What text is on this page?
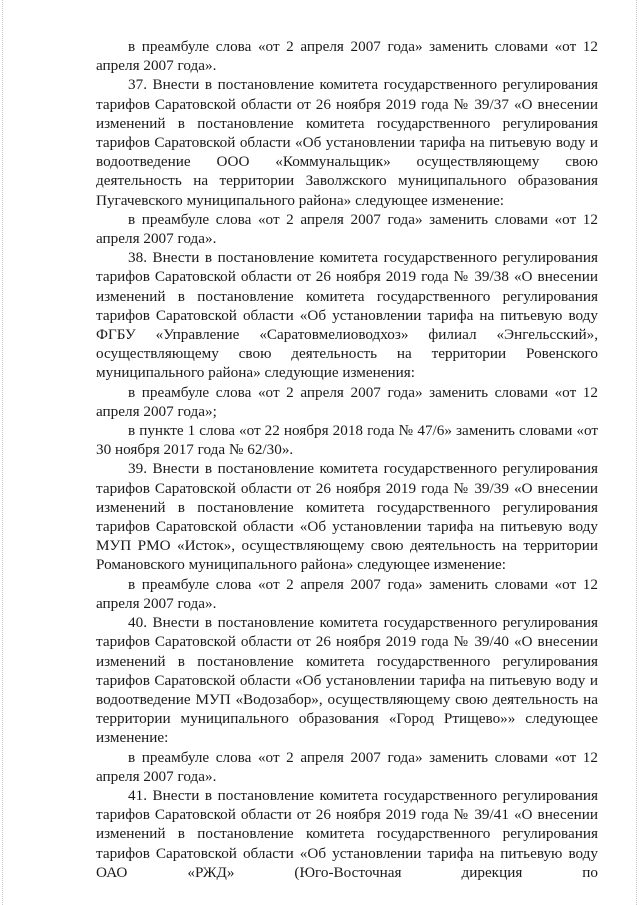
в преамбуле слова «от 2 апреля 2007 года» заменить словами «от 12 апреля 2007 года».

37. Внести в постановление комитета государственного регулирования тарифов Саратовской области от 26 ноября 2019 года № 39/37 «О внесении изменений в постановление комитета государственного регулирования тарифов Саратовской области «Об установлении тарифа на питьевую воду и водоотведение ООО «Коммунальщик» осуществляющему свою деятельность на территории Заволжского муниципального образования Пугачевского муниципального района» следующее изменение:

в преамбуле слова «от 2 апреля 2007 года» заменить словами «от 12 апреля 2007 года».

38. Внести в постановление комитета государственного регулирования тарифов Саратовской области от 26 ноября 2019 года № 39/38 «О внесении изменений в постановление комитета государственного регулирования тарифов Саратовской области «Об установлении тарифа на питьевую воду ФГБУ «Управление «Саратовмелиоводхоз» филиал «Энгельсский», осуществляющему свою деятельность на территории Ровенского муниципального района» следующие изменения:

в преамбуле слова «от 2 апреля 2007 года» заменить словами «от 12 апреля 2007 года»;

в пункте 1 слова «от 22 ноября 2018 года № 47/6» заменить словами «от 30 ноября 2017 года № 62/30».

39. Внести в постановление комитета государственного регулирования тарифов Саратовской области от 26 ноября 2019 года № 39/39 «О внесении изменений в постановление комитета государственного регулирования тарифов Саратовской области «Об установлении тарифа на питьевую воду МУП РМО «Исток», осуществляющему свою деятельность на территории Романовского муниципального района» следующее изменение:

в преамбуле слова «от 2 апреля 2007 года» заменить словами «от 12 апреля 2007 года».

40. Внести в постановление комитета государственного регулирования тарифов Саратовской области от 26 ноября 2019 года № 39/40 «О внесении изменений в постановление комитета государственного регулирования тарифов Саратовской области «Об установлении тарифа на питьевую воду и водоотведение МУП «Водозабор», осуществляющему свою деятельность на территории муниципального образования «Город Ртищево»» следующее изменение:

в преамбуле слова «от 2 апреля 2007 года» заменить словами «от 12 апреля 2007 года».

41. Внести в постановление комитета государственного регулирования тарифов Саратовской области от 26 ноября 2019 года № 39/41 «О внесении изменений в постановление комитета государственного регулирования тарифов Саратовской области «Об установлении тарифа на питьевую воду ОАО «РЖД» (Юго-Восточная дирекция по
